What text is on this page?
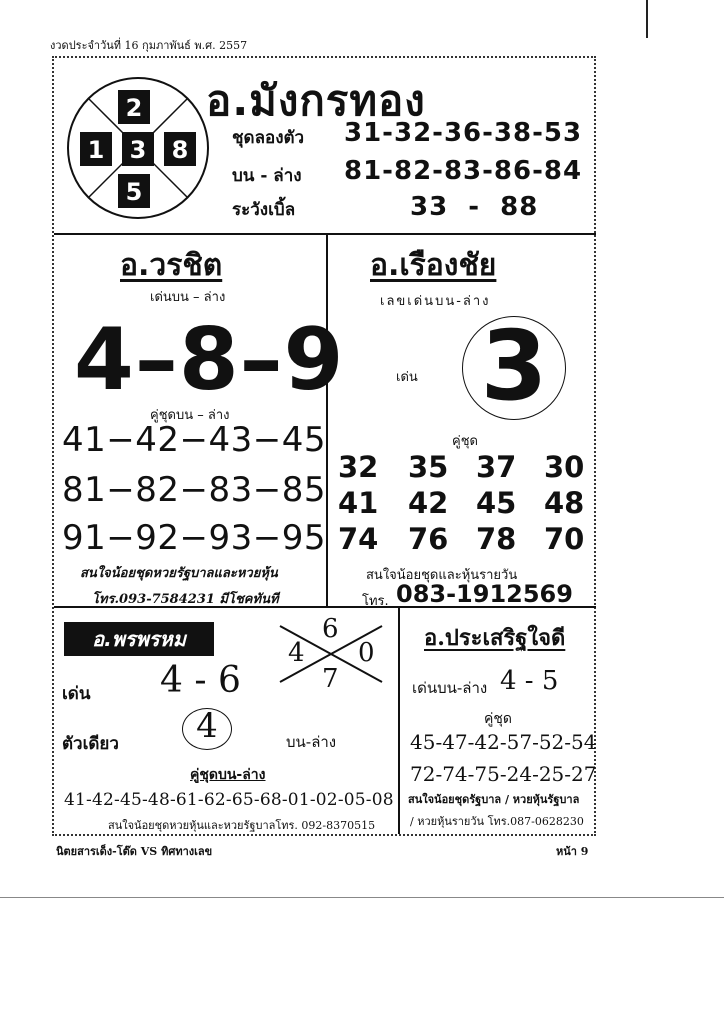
งวดประจำวันที่ 16 กุมภาพันธ์ พ.ศ. 2557
2
1	3	8
5
อ.มังกรทอง
ชุดลองตัว 31-32-36-38-53
บน - ล่าง 81-82-83-86-84
ระวังเบิ้ล	33  -  88
อ.วรชิต
เด่นบน – ล่าง
4–8–9
คู่ชุดบน – ล่าง
41−42−43−45
81−82−83−85
91−92−93−95
สนใจน้อยชุดหวยรัฐบาลและหวยหุ้น
โทร.093-7584231 มีโชคทันที
อ.เรืองชัย
เลขเด่นบน-ล่าง
เด่น 3
คู่ชุด
32 35 37 30
41 42 45 48
74 76 78 70
สนใจน้อยชุดและหุ้นรายวัน
โทร. 083-1912569
อ.พรพรหม	6
4 0
7
เด่น 4 - 6
ตัวเดียว	4	บน-ล่าง
คู่ชุดบน-ล่าง
41-42-45-48-61-62-65-68-01-02-05-08
สนใจน้อยชุดหวยหุ้นและหวยรัฐบาลโทร. 092-8370515
อ.ประเสริฐใจดี
เด่นบน-ล่าง 4 - 5
คู่ชุด
45-47-42-57-52-54
72-74-75-24-25-27
สนใจน้อยชุดรัฐบาล / หวยหุ้นรัฐบาล
/ หวยหุ้นรายวัน โทร.087-0628230
นิตยสารเด็ง-โต๊ด VS ทิศทางเลข	หน้า 9
